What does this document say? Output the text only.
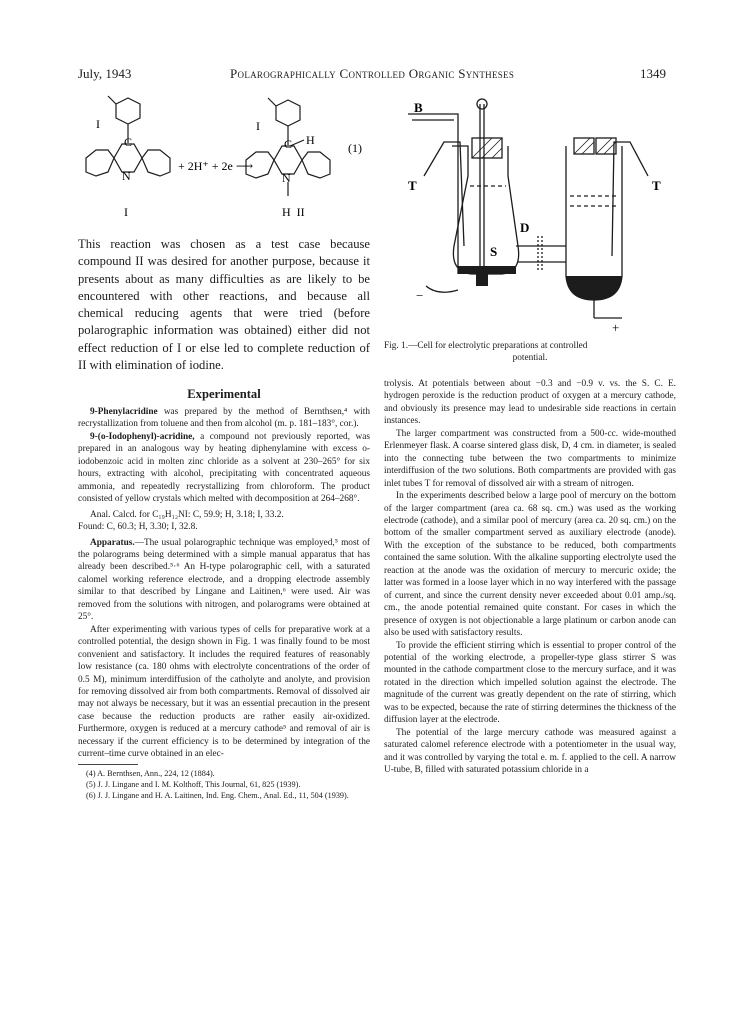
July, 1943	Polarographically Controlled Organic Syntheses	1349
I
C
N
I
C H
N
+ 2H⁺ + 2e ⟶
(1)
I	H  II

This reaction was chosen as a test case because compound II was desired for another purpose, because it presents about as many difficulties as are likely to be encountered with other reactions, and because all chemical reducing agents that were tried (before polarographic information was obtained) either did not effect reduction of I or else led to complete reduction of II with elimination of iodine.

Experimental

9-Phenylacridine was prepared by the method of Bernthsen,⁴ with recrystallization from toluene and then from alcohol (m. p. 181–183°, cor.).

9-(o-Iodophenyl)-acridine, a compound not previously reported, was prepared in an analogous way by heating diphenylamine with excess o-iodobenzoic acid in molten zinc chloride as a solvent at 230–265° for six hours, extracting with alcohol, precipitating with concentrated aqueous ammonia, and repeatedly recrystallizing from chloroform. The product consisted of yellow crystals which melted with decomposition at 264–268°.

Anal. Calcd. for C₁₉H₁₂NI: C, 59.9; H, 3.18; I, 33.2.

Found: C, 60.3; H, 3.30; I, 32.8.

Apparatus.—The usual polarographic technique was employed,⁵ most of the polarograms being determined with a simple manual apparatus that has already been described.⁵·⁶ An H-type polarographic cell, with a saturated calomel working reference electrode, and a dropping electrode assembly similar to that described by Lingane and Laitinen,⁶ were used. Air was removed from the solutions with nitrogen, and polarograms were obtained at 25°.

After experimenting with various types of cells for preparative work at a controlled potential, the design shown in Fig. 1 was finally found to be most convenient and satisfactory. It includes the required features of reasonably low resistance (ca. 180 ohms with electrolyte concentrations of the order of 0.5 M), minimum interdiffusion of the catholyte and anolyte, and provision for removing dissolved air from both compartments. Removal of dissolved air may not always be necessary, but it was an essential precaution in the present case because the reduction products are rather easily air-oxidized. Furthermore, oxygen is reduced at a mercury cathode⁵ and removal of air is necessary if the current efficiency is to be determined by integration of the current–time curve obtained in an elec-

(4) A. Bernthsen, Ann., 224, 12 (1884).

(5) J. J. Lingane and I. M. Kolthoff, This Journal, 61, 825 (1939).

(6) J. J. Lingane and H. A. Laitinen, Ind. Eng. Chem., Anal. Ed., 11, 504 (1939).

B
T	T
D
S
−
+
Fig. 1.—Cell for electrolytic preparations at controlled
potential.

trolysis. At potentials between about −0.3 and −0.9 v. vs. the S. C. E. hydrogen peroxide is the reduction product of oxygen at a mercury cathode, and obviously its presence may lead to undesirable side reactions in certain instances.

The larger compartment was constructed from a 500-cc. wide-mouthed Erlenmeyer flask. A coarse sintered glass disk, D, 4 cm. in diameter, is sealed into the connecting tube between the two compartments to minimize interdiffusion of the two solutions. Both compartments are provided with gas inlet tubes T for removal of dissolved air with a stream of nitrogen.

In the experiments described below a large pool of mercury on the bottom of the larger compartment (area ca. 68 sq. cm.) was used as the working electrode (cathode), and a similar pool of mercury (area ca. 20 sq. cm.) on the bottom of the smaller compartment served as auxiliary electrode (anode). With the exception of the substance to be reduced, both compartments contained the same solution. With the alkaline supporting electrolyte used the reaction at the anode was the oxidation of mercury to mercuric oxide; the latter was formed in a loose layer which in no way interfered with the passage of current, and since the current density never exceeded about 0.01 amp./sq. cm., the anode potential remained quite constant. For cases in which the presence of oxygen is not objectionable a large platinum or carbon anode can also be used with satisfactory results.

To provide the efficient stirring which is essential to proper control of the potential of the working electrode, a propeller-type glass stirrer S was mounted in the cathode compartment close to the mercury surface, and it was rotated in the direction which impelled solution against the electrode. The magnitude of the current was greatly dependent on the rate of stirring, which was to be expected, because the rate of stirring determines the thickness of the diffusion layer at the electrode.

The potential of the large mercury cathode was measured against a saturated calomel reference electrode with a potentiometer in the usual way, and it was controlled by varying the total e. m. f. applied to the cell. A narrow U-tube, B, filled with saturated potassium chloride in a
